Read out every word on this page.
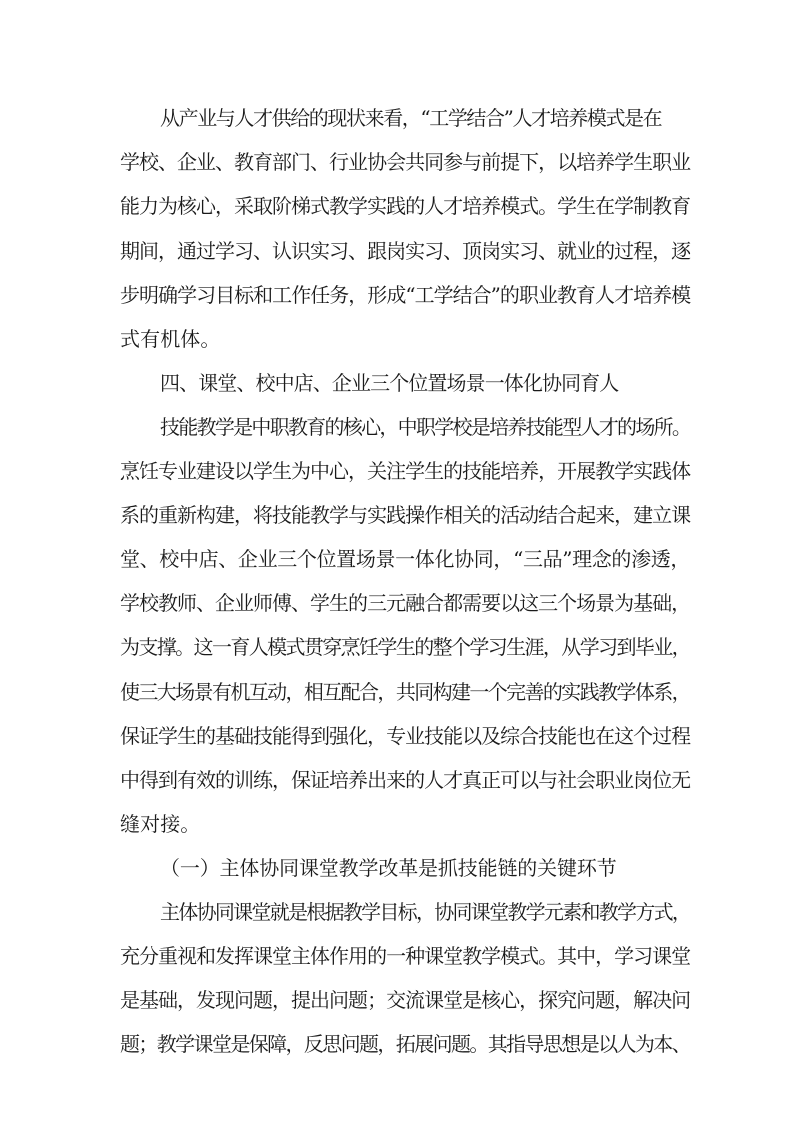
从产业与人才供给的现状来看，“工学结合”人才培养模式是在
学校、企业、教育部门、行业协会共同参与前提下，以培养学生职业
能力为核心，采取阶梯式教学实践的人才培养模式。学生在学制教育
期间，通过学习、认识实习、跟岗实习、顶岗实习、就业的过程，逐
步明确学习目标和工作任务，形成“工学结合”的职业教育人才培养模
式有机体。
四、课堂、校中店、企业三个位置场景一体化协同育人
技能教学是中职教育的核心，中职学校是培养技能型人才的场所。
烹饪专业建设以学生为中心，关注学生的技能培养，开展教学实践体
系的重新构建，将技能教学与实践操作相关的活动结合起来，建立课
堂、校中店、企业三个位置场景一体化协同，“三品”理念的渗透，
学校教师、企业师傅、学生的三元融合都需要以这三个场景为基础，
为支撑。这一育人模式贯穿烹饪学生的整个学习生涯，从学习到毕业，
使三大场景有机互动，相互配合，共同构建一个完善的实践教学体系，
保证学生的基础技能得到强化，专业技能以及综合技能也在这个过程
中得到有效的训练，保证培养出来的人才真正可以与社会职业岗位无
缝对接。
（一）主体协同课堂教学改革是抓技能链的关键环节
主体协同课堂就是根据教学目标，协同课堂教学元素和教学方式，
充分重视和发挥课堂主体作用的一种课堂教学模式。其中，学习课堂
是基础，发现问题，提出问题；交流课堂是核心，探究问题，解决问
题；教学课堂是保障，反思问题，拓展问题。其指导思想是以人为本、
